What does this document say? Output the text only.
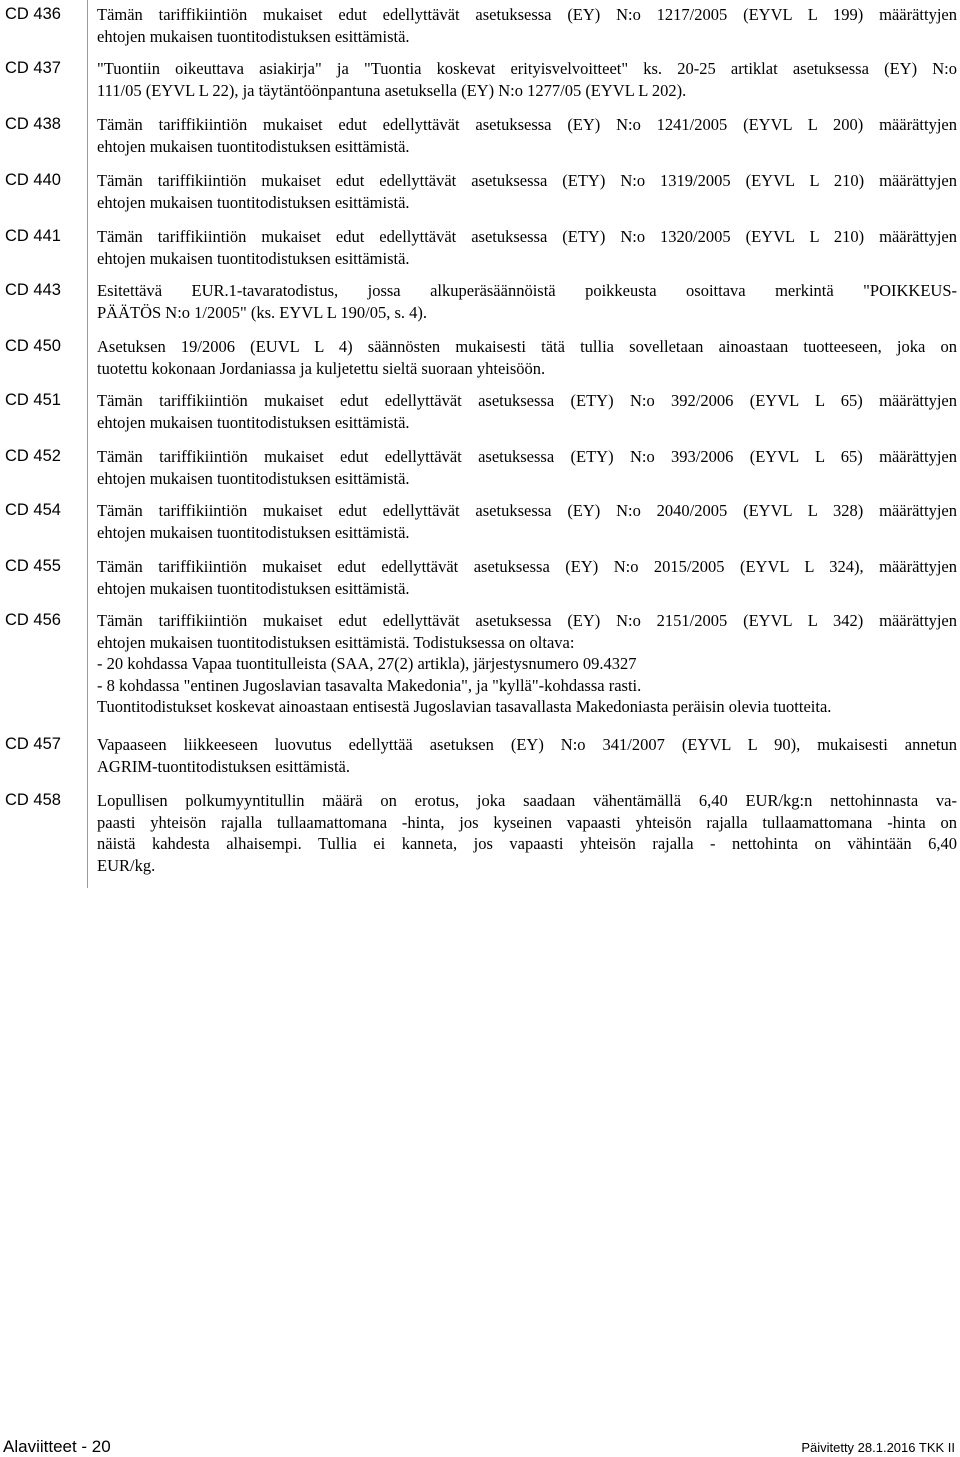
CD 436	Tämän tariffikiintiön mukaiset edut edellyttävät asetuksessa (EY) N:o 1217/2005 (EYVL L 199) määrättyjen
ehtojen mukaisen tuontitodistuksen esittämistä.
CD 437	"Tuontiin oikeuttava asiakirja" ja "Tuontia koskevat erityisvelvoitteet" ks. 20-25 artiklat asetuksessa (EY) N:o
111/05 (EYVL L 22), ja täytäntöönpantuna asetuksella (EY) N:o 1277/05 (EYVL L 202).
CD 438	Tämän tariffikiintiön mukaiset edut edellyttävät asetuksessa (EY) N:o 1241/2005 (EYVL L 200) määrättyjen
ehtojen mukaisen tuontitodistuksen esittämistä.
CD 440	Tämän tariffikiintiön mukaiset edut edellyttävät asetuksessa (ETY) N:o 1319/2005 (EYVL L 210) määrättyjen
ehtojen mukaisen tuontitodistuksen esittämistä.
CD 441	Tämän tariffikiintiön mukaiset edut edellyttävät asetuksessa (ETY) N:o 1320/2005 (EYVL L 210) määrättyjen
ehtojen mukaisen tuontitodistuksen esittämistä.
CD 443	Esitettävä EUR.1-tavaratodistus, jossa alkuperäsäännöistä poikkeusta osoittava merkintä "POIKKEUS-
PÄÄTÖS N:o 1/2005" (ks. EYVL L 190/05, s. 4).
CD 450	Asetuksen 19/2006 (EUVL L 4) säännösten mukaisesti tätä tullia sovelletaan ainoastaan tuotteeseen, joka on
tuotettu kokonaan Jordaniassa ja kuljetettu sieltä suoraan yhteisöön.
CD 451	Tämän tariffikiintiön mukaiset edut edellyttävät asetuksessa (ETY) N:o 392/2006 (EYVL L 65) määrättyjen
ehtojen mukaisen tuontitodistuksen esittämistä.
CD 452	Tämän tariffikiintiön mukaiset edut edellyttävät asetuksessa (ETY) N:o 393/2006 (EYVL L 65) määrättyjen
ehtojen mukaisen tuontitodistuksen esittämistä.
CD 454	Tämän tariffikiintiön mukaiset edut edellyttävät asetuksessa (EY) N:o 2040/2005 (EYVL L 328) määrättyjen
ehtojen mukaisen tuontitodistuksen esittämistä.
CD 455	Tämän tariffikiintiön mukaiset edut edellyttävät asetuksessa (EY) N:o 2015/2005 (EYVL L 324), määrättyjen
ehtojen mukaisen tuontitodistuksen esittämistä.
CD 456	Tämän tariffikiintiön mukaiset edut edellyttävät asetuksessa (EY) N:o 2151/2005 (EYVL L 342) määrättyjen
ehtojen mukaisen tuontitodistuksen esittämistä. Todistuksessa on oltava:
- 20 kohdassa Vapaa tuontitulleista (SAA, 27(2) artikla), järjestysnumero 09.4327
- 8 kohdassa "entinen Jugoslavian tasavalta Makedonia", ja "kyllä"-kohdassa rasti.
Tuontitodistukset koskevat ainoastaan entisestä Jugoslavian tasavallasta Makedoniasta peräisin olevia tuotteita.
CD 457	Vapaaseen liikkeeseen luovutus edellyttää asetuksen (EY) N:o 341/2007 (EYVL L 90), mukaisesti annetun
AGRIM-tuontitodistuksen esittämistä.
CD 458	Lopullisen polkumyyntitullin määrä on erotus, joka saadaan vähentämällä 6,40 EUR/kg:n nettohinnasta va-
paasti yhteisön rajalla tullaamattomana -hinta, jos kyseinen vapaasti yhteisön rajalla tullaamattomana -hinta on
näistä kahdesta alhaisempi. Tullia ei kanneta, jos vapaasti yhteisön rajalla - nettohinta on vähintään 6,40
EUR/kg.
Alaviitteet - 20	Päivitetty 28.1.2016 TKK II
